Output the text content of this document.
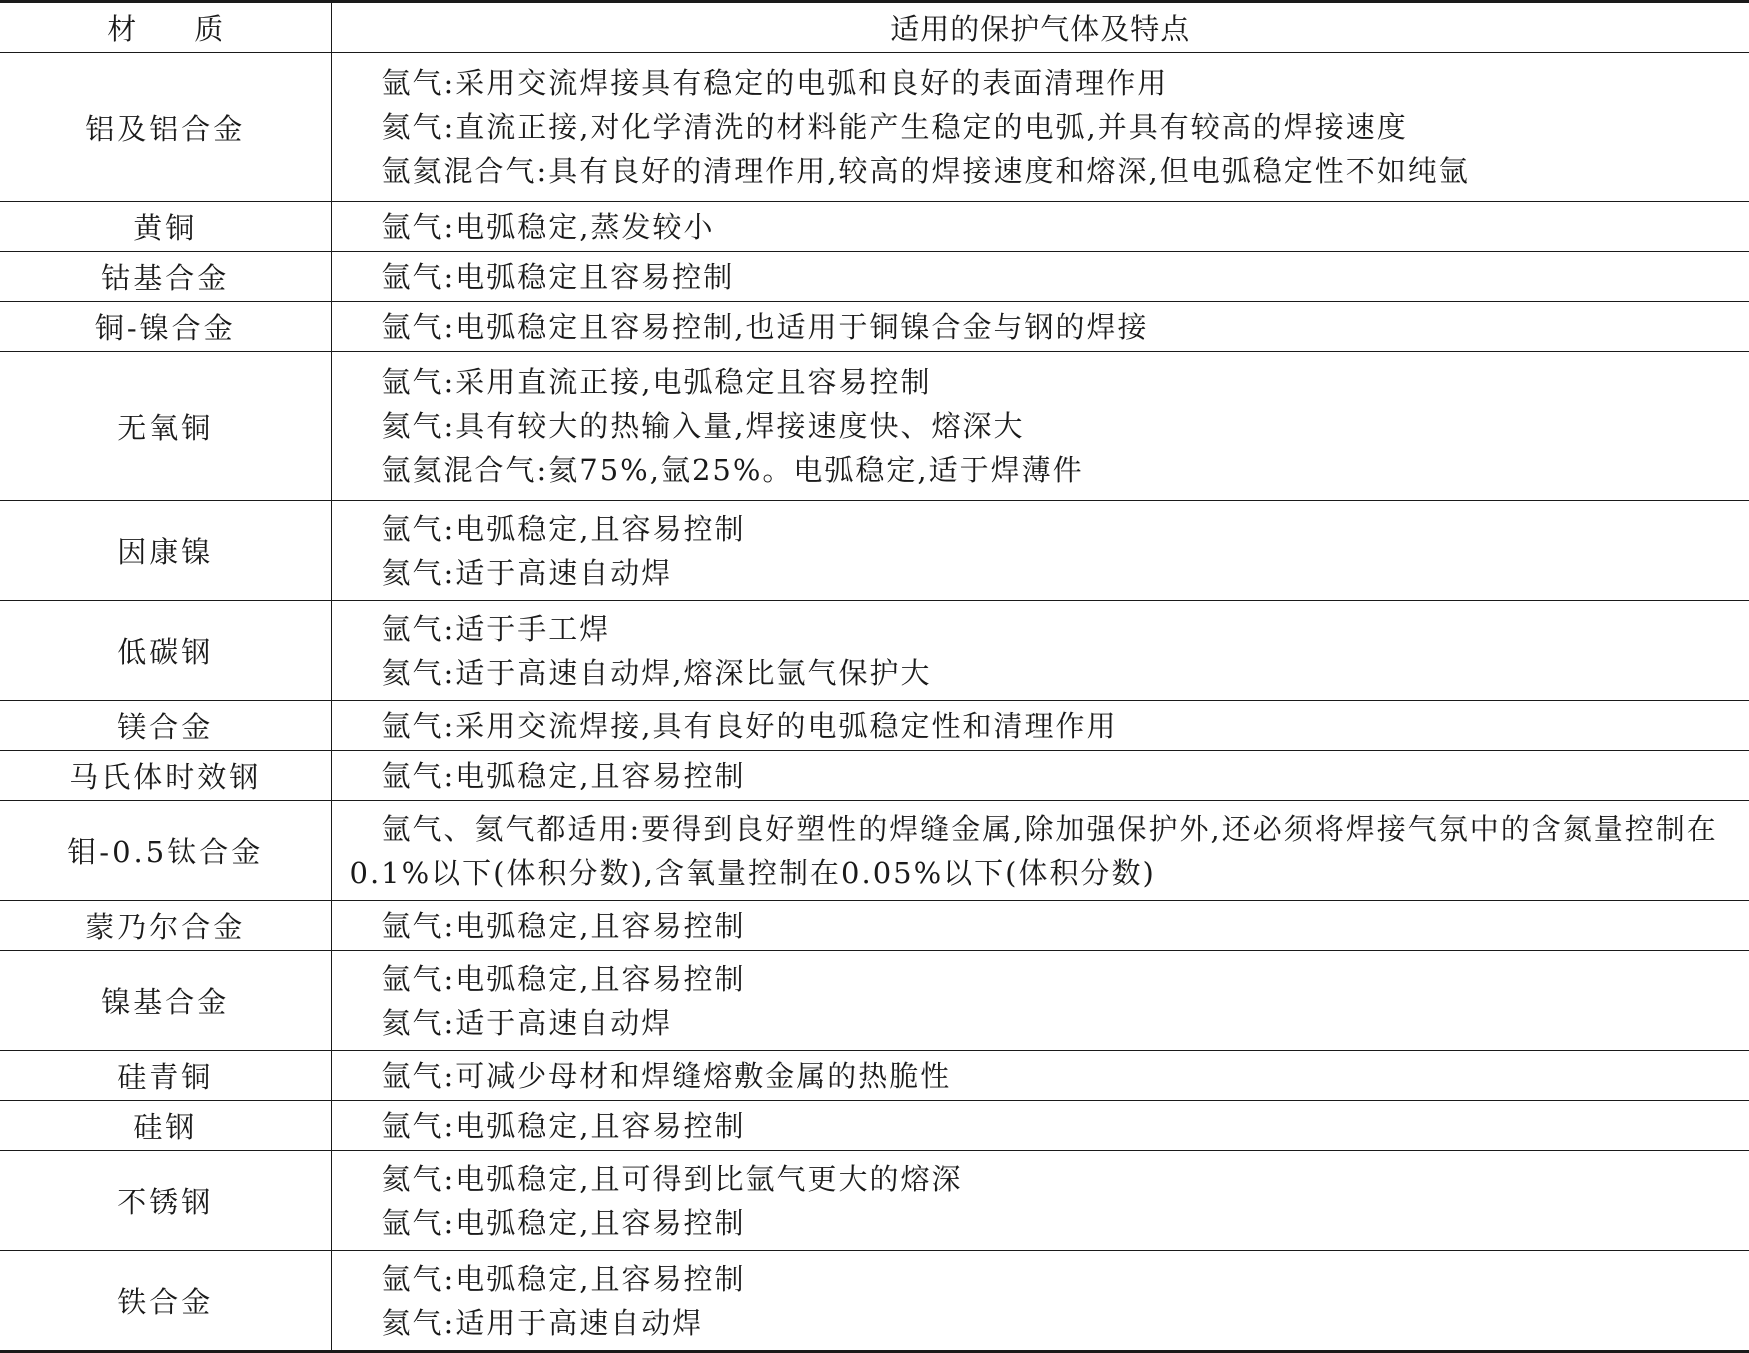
材质	适用的保护气体及特点
铝及铝合金	氩气:采用交流焊接具有稳定的电弧和良好的表面清理作用
氦气:直流正接,对化学清洗的材料能产生稳定的电弧,并具有较高的焊接速度
氩氦混合气:具有良好的清理作用,较高的焊接速度和熔深,但电弧稳定性不如纯氩

黄铜	氩气:电弧稳定,蒸发较小

钴基合金	氩气:电弧稳定且容易控制

铜-镍合金	氩气:电弧稳定且容易控制,也适用于铜镍合金与钢的焊接

无氧铜	氩气:采用直流正接,电弧稳定且容易控制
氦气:具有较大的热输入量,焊接速度快、熔深大
氩氦混合气:氦75%,氩25%。电弧稳定,适于焊薄件

因康镍	氩气:电弧稳定,且容易控制
氦气:适于高速自动焊

低碳钢	氩气:适于手工焊
氦气:适于高速自动焊,熔深比氩气保护大

镁合金	氩气:采用交流焊接,具有良好的电弧稳定性和清理作用

马氏体时效钢	氩气:电弧稳定,且容易控制

钼-0.5钛合金	氩气、氦气都适用:要得到良好塑性的焊缝金属,除加强保护外,还必须将焊接气氛中的含氮量控制在0.1%以下(体积分数),含氧量控制在0.05%以下(体积分数)

蒙乃尔合金	氩气:电弧稳定,且容易控制

镍基合金	氩气:电弧稳定,且容易控制
氦气:适于高速自动焊

硅青铜	氩气:可减少母材和焊缝熔敷金属的热脆性

硅钢	氩气:电弧稳定,且容易控制

不锈钢	氦气:电弧稳定,且可得到比氩气更大的熔深
氩气:电弧稳定,且容易控制

铁合金	氩气:电弧稳定,且容易控制
氦气:适用于高速自动焊
